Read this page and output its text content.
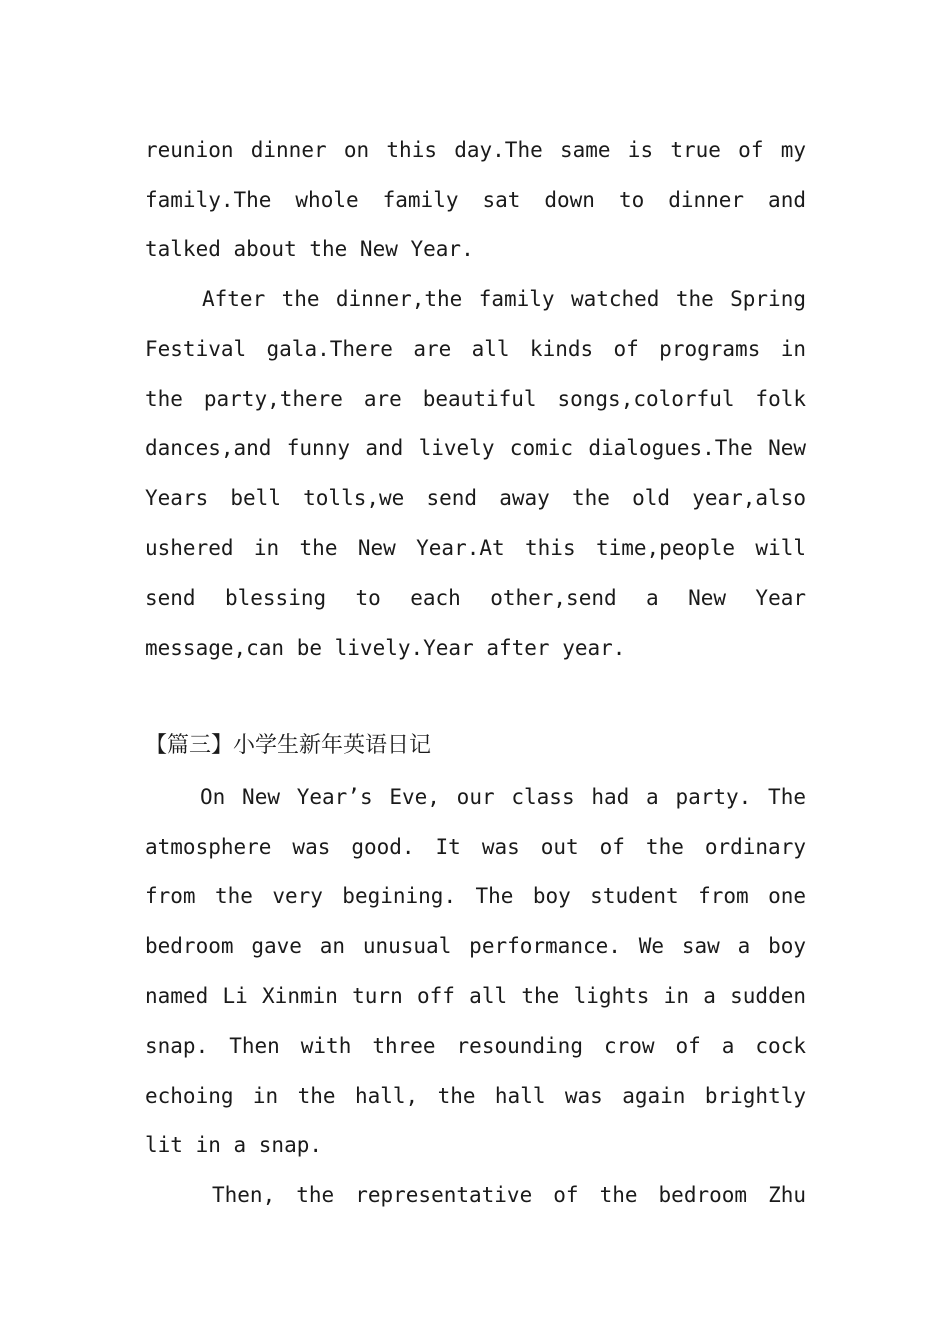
reunion dinner on this day.The same is true of my
family.The whole family sat down to dinner and
talked about the New Year.
After the dinner,the family watched the Spring
Festival gala.There are all kinds of programs in
the party,there are beautiful songs,colorful folk
dances,and funny and lively comic dialogues.The New
Years bell tolls,we send away the old year,also
ushered in the New Year.At this time,people will
send blessing to each other,send a New Year
message,can be lively.Year after year.
【篇三】小学生新年英语日记
On New Year’s Eve, our class had a party. The
atmosphere was good. It was out of the ordinary
from the very begining. The boy student from one
bedroom gave an unusual performance. We saw a boy
named Li Xinmin turn off all the lights in a sudden
snap. Then with three resounding crow of a cock
echoing in the hall, the hall was again brightly
lit in a snap.
Then, the representative of the bedroom Zhu
